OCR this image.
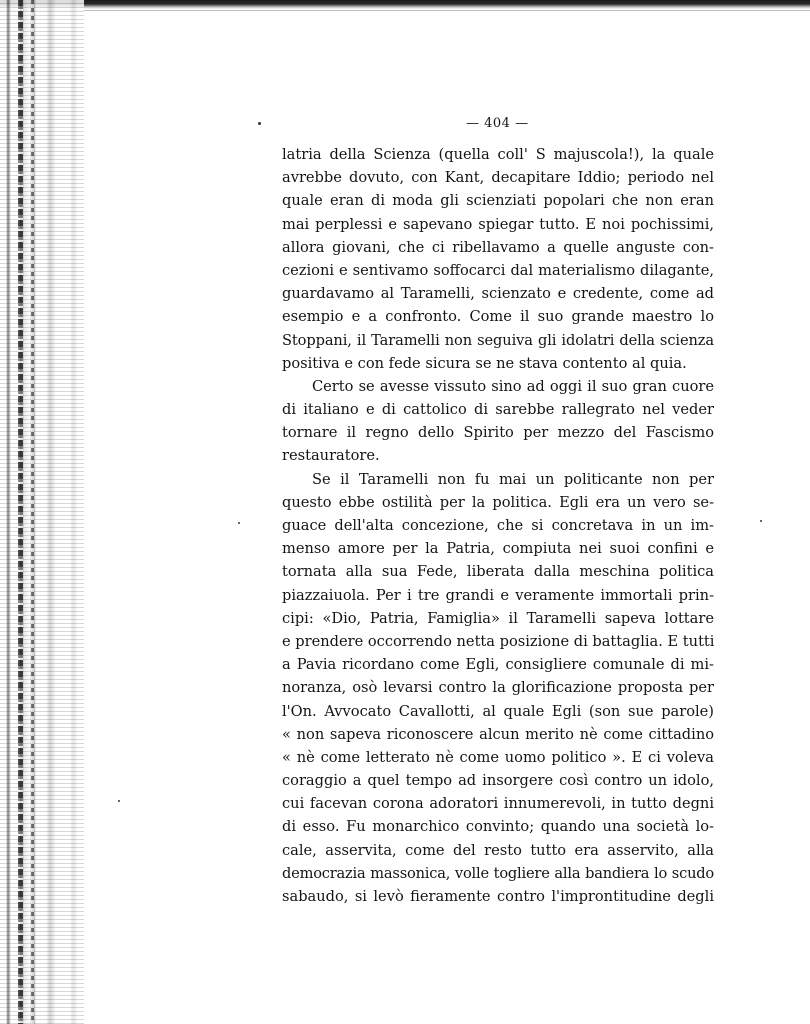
— 404 —
latria della Scienza (quella coll' S majuscola!), la quale
avrebbe dovuto, con Kant, decapitare Iddio; periodo nel
quale eran di moda gli scienziati popolari che non eran
mai perplessi e sapevano spiegar tutto. E noi pochissimi,
allora giovani, che ci ribellavamo a quelle anguste con-
cezioni e sentivamo soffocarci dal materialismo dilagante,
guardavamo al Taramelli, scienzato e credente, come ad
esempio e a confronto. Come il suo grande maestro lo
Stoppani, il Taramelli non seguiva gli idolatri della scienza
positiva e con fede sicura se ne stava contento al quia.
Certo se avesse vissuto sino ad oggi il suo gran cuore
di italiano e di cattolico di sarebbe rallegrato nel veder
tornare il regno dello Spirito per mezzo del Fascismo
restauratore.
Se il Taramelli non fu mai un politicante non per
questo ebbe ostilità per la politica. Egli era un vero se-
guace dell'alta concezione, che si concretava in un im-
menso amore per la Patria, compiuta nei suoi confini e
tornata alla sua Fede, liberata dalla meschina politica
piazzaiuola. Per i tre grandi e veramente immortali prin-
cipi: «Dio, Patria, Famiglia» il Taramelli sapeva lottare
e prendere occorrendo netta posizione di battaglia. E tutti
a Pavia ricordano come Egli, consigliere comunale di mi-
noranza, osò levarsi contro la glorificazione proposta per
l'On. Avvocato Cavallotti, al quale Egli (son sue parole)
« non sapeva riconoscere alcun merito nè come cittadino
« nè come letterato nè come uomo politico ». E ci voleva
coraggio a quel tempo ad insorgere così contro un idolo,
cui facevan corona adoratori innumerevoli, in tutto degni
di esso. Fu monarchico convinto; quando una società lo-
cale, asservita, come del resto tutto era asservito, alla
democrazia massonica, volle togliere alla bandiera lo scudo
sabaudo, si levò fieramente contro l'improntitudine degli
